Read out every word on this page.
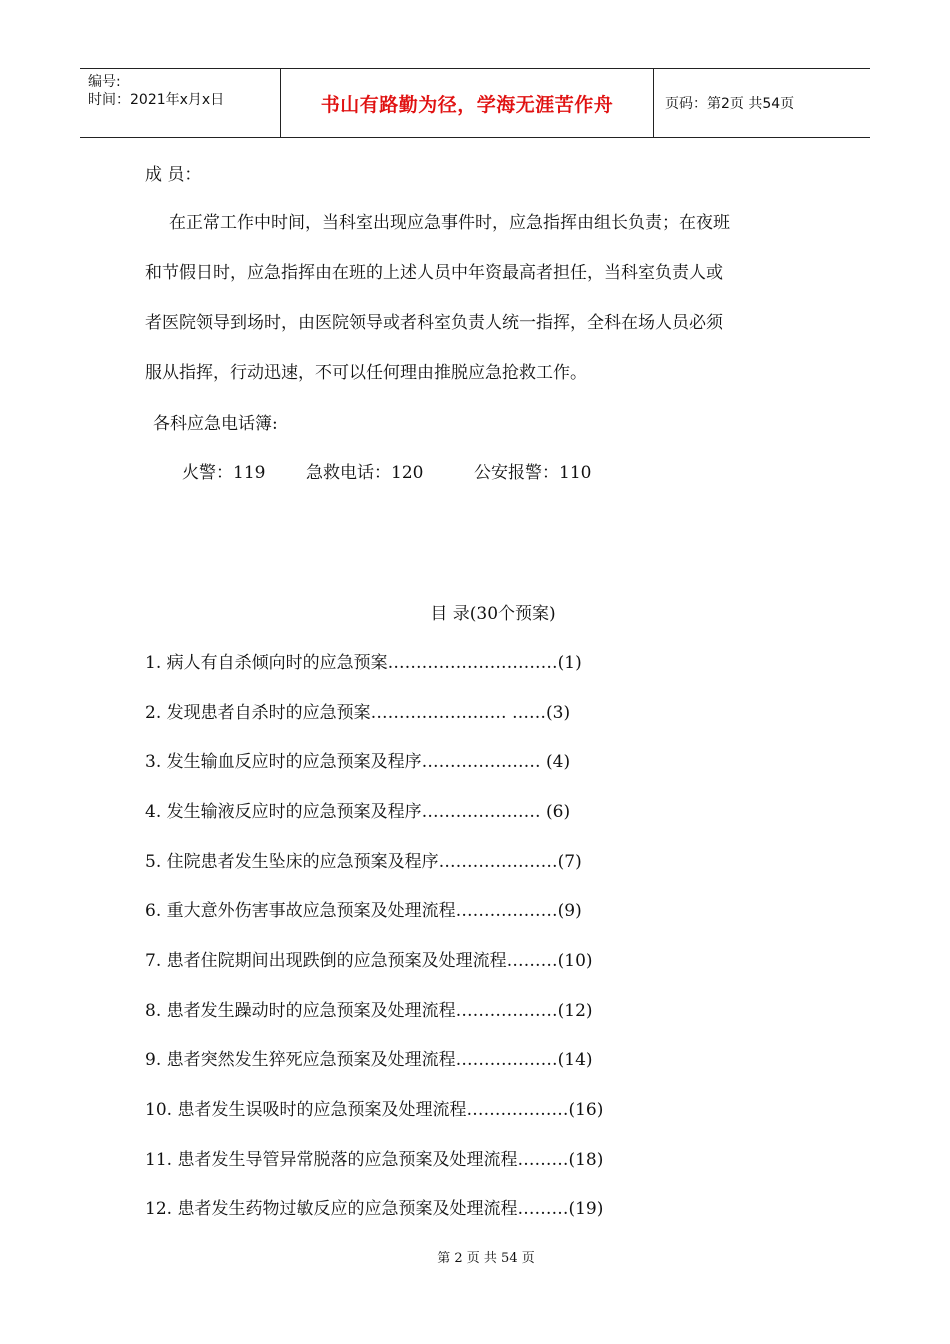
编号:
时间：2021年x月x日	书山有路勤为径，学海无涯苦作舟	页码：第2页 共54页
成 员：
在正常工作中时间，当科室出现应急事件时，应急指挥由组长负责；在夜班
和节假日时，应急指挥由在班的上述人员中年资最高者担任，当科室负责人或
者医院领导到场时，由医院领导或者科室负责人统一指挥，全科在场人员必须
服从指挥，行动迅速，不可以任何理由推脱应急抢救工作。
各科应急电话簿:
火警：119 急救电话：120	公安报警：110
目 录(30个预案)
1. 病人有自杀倾向时的应急预案…………………………(1)
2. 发现患者自杀时的应急预案…………………… ……(3)
3. 发生输血反应时的应急预案及程序………………… (4)
4. 发生输液反应时的应急预案及程序………………… (6)
5. 住院患者发生坠床的应急预案及程序…………………(7)
6. 重大意外伤害事故应急预案及处理流程………………(9)
7. 患者住院期间出现跌倒的应急预案及处理流程………(10)
8. 患者发生躁动时的应急预案及处理流程………………(12)
9. 患者突然发生猝死应急预案及处理流程………………(14)
10. 患者发生误吸时的应急预案及处理流程………………(16)
11. 患者发生导管异常脱落的应急预案及处理流程………(18)
12. 患者发生药物过敏反应的应急预案及处理流程………(19)
第 2 页 共 54 页
